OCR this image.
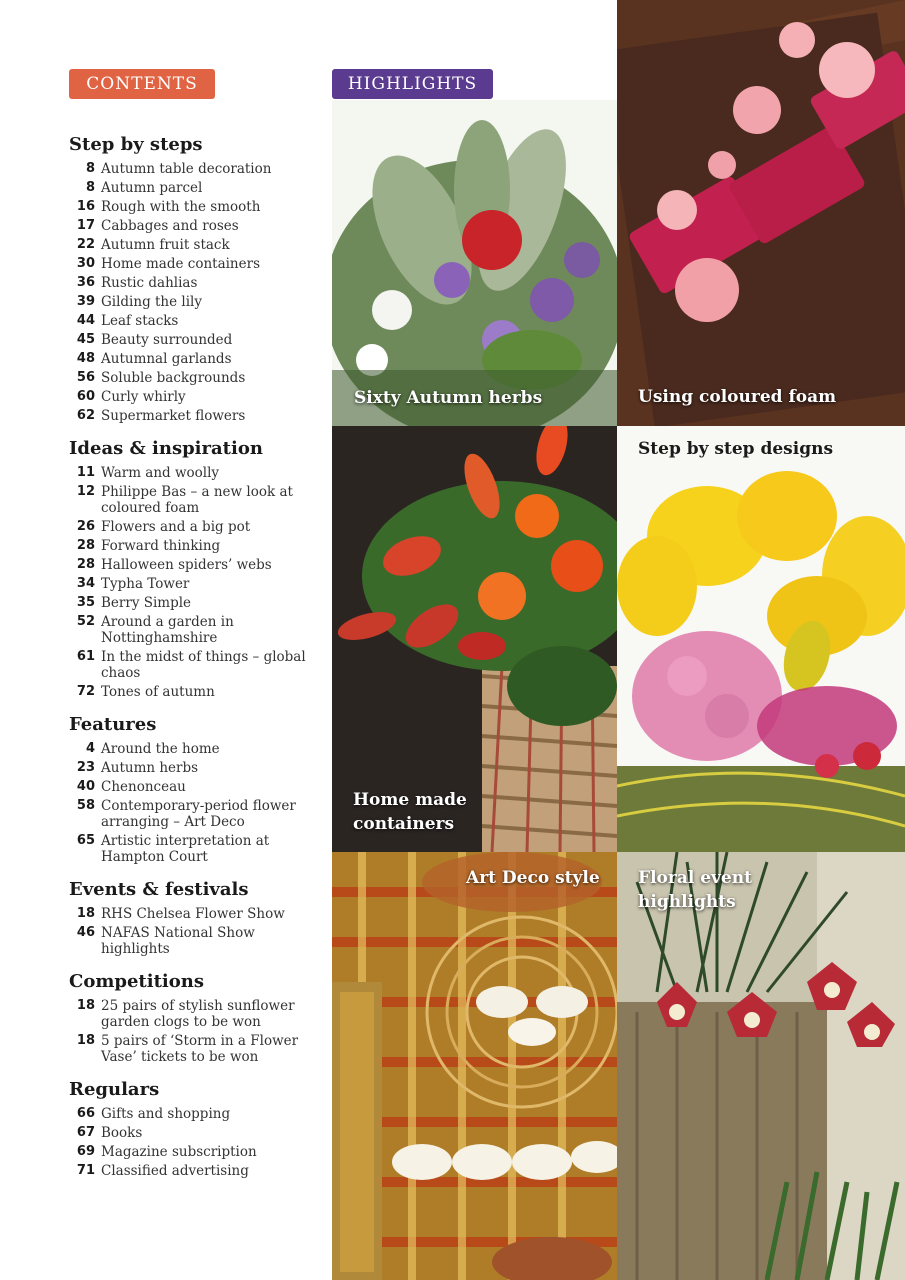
CONTENTS	HIGHLIGHTS
Step by steps
8 Autumn table decoration
8 Autumn parcel
16 Rough with the smooth
17 Cabbages and roses
22 Autumn fruit stack
30 Home made containers
36 Rustic dahlias
39 Gilding the lily
44 Leaf stacks
45 Beauty surrounded
48 Autumnal garlands
56 Soluble backgrounds
60 Curly whirly
62 Supermarket flowers
Ideas & inspiration
11 Warm and woolly
12 Philippe Bas – a new look at coloured foam
26 Flowers and a big pot
28 Forward thinking
28 Halloween spiders’ webs
34 Typha Tower
35 Berry Simple
52 Around a garden in Nottinghamshire
61 In the midst of things – global chaos
72 Tones of autumn
Features
4 Around the home
23 Autumn herbs
40 Chenonceau
58 Contemporary-period flower arranging – Art Deco
65 Artistic interpretation at Hampton Court
Events & festivals
18 RHS Chelsea Flower Show
46 NAFAS National Show highlights
Competitions
18 25 pairs of stylish sunflower garden clogs to be won
18 5 pairs of ‘Storm in a Flower Vase’ tickets to be won
Regulars
66 Gifts and shopping
67 Books
69 Magazine subscription
71 Classified advertising
Sixty Autumn herbs	Using coloured foam
Home made
containers
Step by step designs
Art Deco style Floral event
highlights
